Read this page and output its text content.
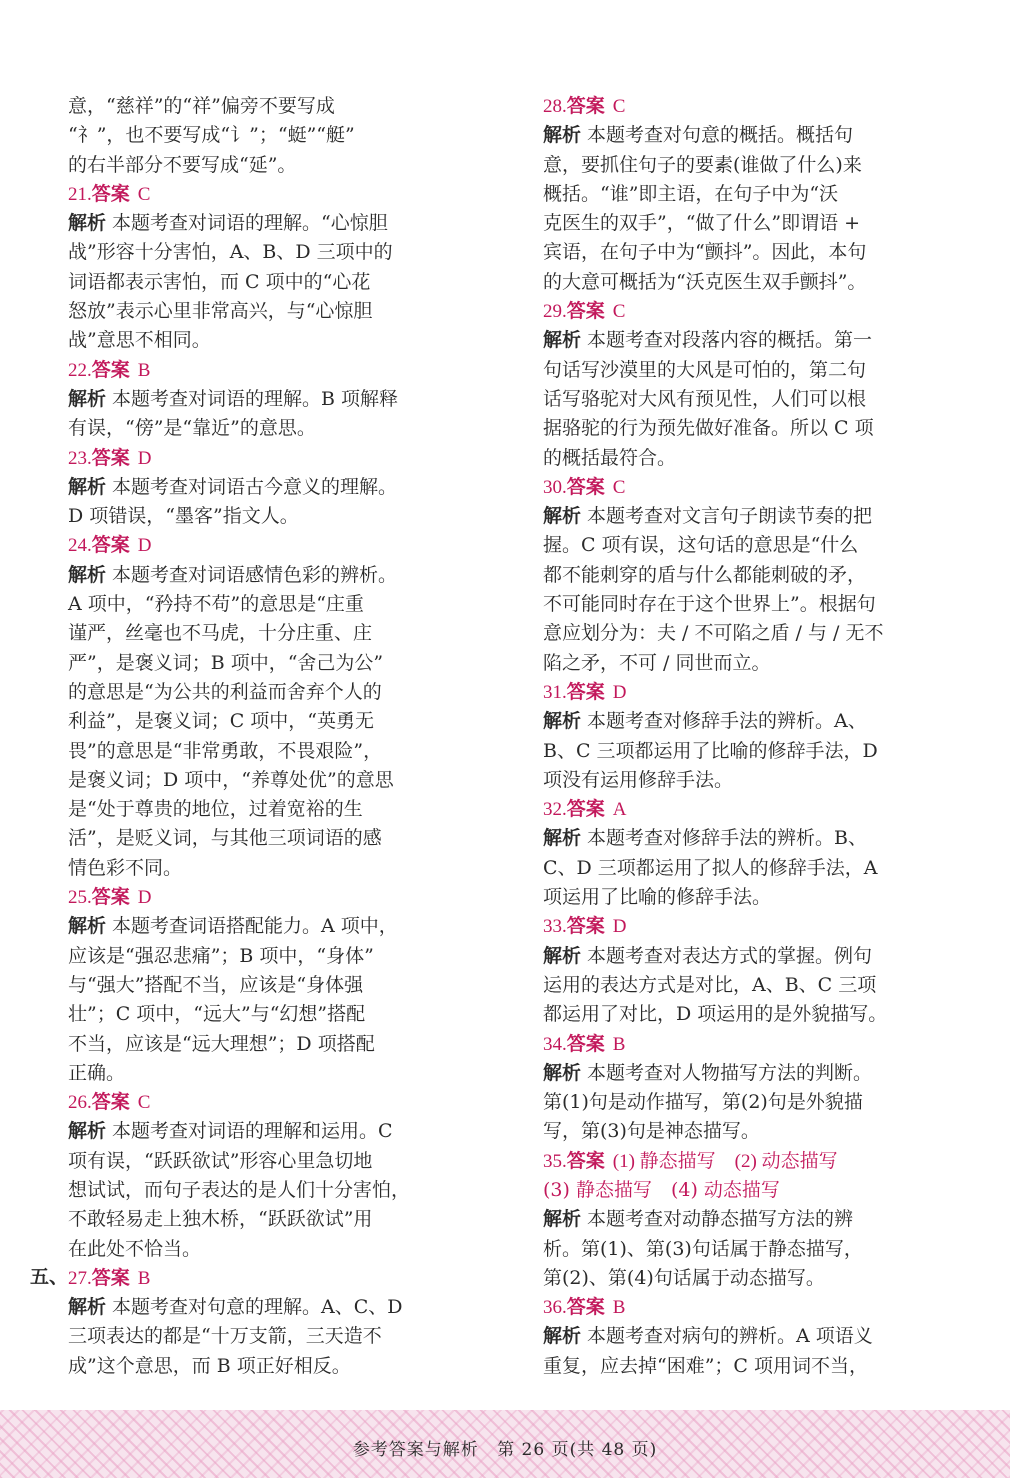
意，“慈祥”的“祥”偏旁不要写成
“礻”，也不要写成“讠”；“蜓”“艇”
的右半部分不要写成“延”。
21.答案 C
解析 本题考查对词语的理解。“心惊胆
战”形容十分害怕，A、B、D 三项中的
词语都表示害怕，而 C 项中的“心花
怒放”表示心里非常高兴，与“心惊胆
战”意思不相同。
22.答案 B
解析 本题考查对词语的理解。B 项解释
有误，“傍”是“靠近”的意思。
23.答案 D
解析 本题考查对词语古今意义的理解。
D 项错误，“墨客”指文人。
24.答案 D
解析 本题考查对词语感情色彩的辨析。
A 项中，“矜持不苟”的意思是“庄重
谨严，丝毫也不马虎，十分庄重、庄
严”，是褒义词；B 项中，“舍己为公”
的意思是“为公共的利益而舍弃个人的
利益”，是褒义词；C 项中，“英勇无
畏”的意思是“非常勇敢，不畏艰险”，
是褒义词；D 项中，“养尊处优”的意思
是“处于尊贵的地位，过着宽裕的生
活”，是贬义词，与其他三项词语的感
情色彩不同。
25.答案 D
解析 本题考查词语搭配能力。A 项中，
应该是“强忍悲痛”；B 项中，“身体”
与“强大”搭配不当，应该是“身体强
壮”；C 项中，“远大”与“幻想”搭配
不当，应该是“远大理想”；D 项搭配
正确。
26.答案 C
解析 本题考查对词语的理解和运用。C
项有误，“跃跃欲试”形容心里急切地
想试试，而句子表达的是人们十分害怕，
不敢轻易走上独木桥，“跃跃欲试”用
在此处不恰当。
27.答案 B
解析 本题考查对句意的理解。A、C、D
三项表达的都是“十万支箭，三天造不
成”这个意思，而 B 项正好相反。
五、
28.答案 C
解析 本题考查对句意的概括。概括句
意，要抓住句子的要素(谁做了什么)来
概括。“谁”即主语，在句子中为“沃
克医生的双手”，“做了什么”即谓语 +
宾语，在句子中为“颤抖”。因此，本句
的大意可概括为“沃克医生双手颤抖”。
29.答案 C
解析 本题考查对段落内容的概括。第一
句话写沙漠里的大风是可怕的，第二句
话写骆驼对大风有预见性，人们可以根
据骆驼的行为预先做好准备。所以 C 项
的概括最符合。
30.答案 C
解析 本题考查对文言句子朗读节奏的把
握。C 项有误，这句话的意思是“什么
都不能刺穿的盾与什么都能刺破的矛，
不可能同时存在于这个世界上”。根据句
意应划分为：夫 / 不可陷之盾 / 与 / 无不
陷之矛，不可 / 同世而立。
31.答案 D
解析 本题考查对修辞手法的辨析。A、
B、C 三项都运用了比喻的修辞手法，D
项没有运用修辞手法。
32.答案 A
解析 本题考查对修辞手法的辨析。B、
C、D 三项都运用了拟人的修辞手法，A
项运用了比喻的修辞手法。
33.答案 D
解析 本题考查对表达方式的掌握。例句
运用的表达方式是对比，A、B、C 三项
都运用了对比，D 项运用的是外貌描写。
34.答案 B
解析 本题考查对人物描写方法的判断。
第(1)句是动作描写，第(2)句是外貌描
写，第(3)句是神态描写。
35.答案 (1) 静态描写　(2) 动态描写
(3) 静态描写　(4) 动态描写
解析 本题考查对动静态描写方法的辨
析。第(1)、第(3)句话属于静态描写，
第(2)、第(4)句话属于动态描写。
36.答案 B
解析 本题考查对病句的辨析。A 项语义
重复，应去掉“困难”；C 项用词不当，
参考答案与解析 第 26 页(共 48 页)
